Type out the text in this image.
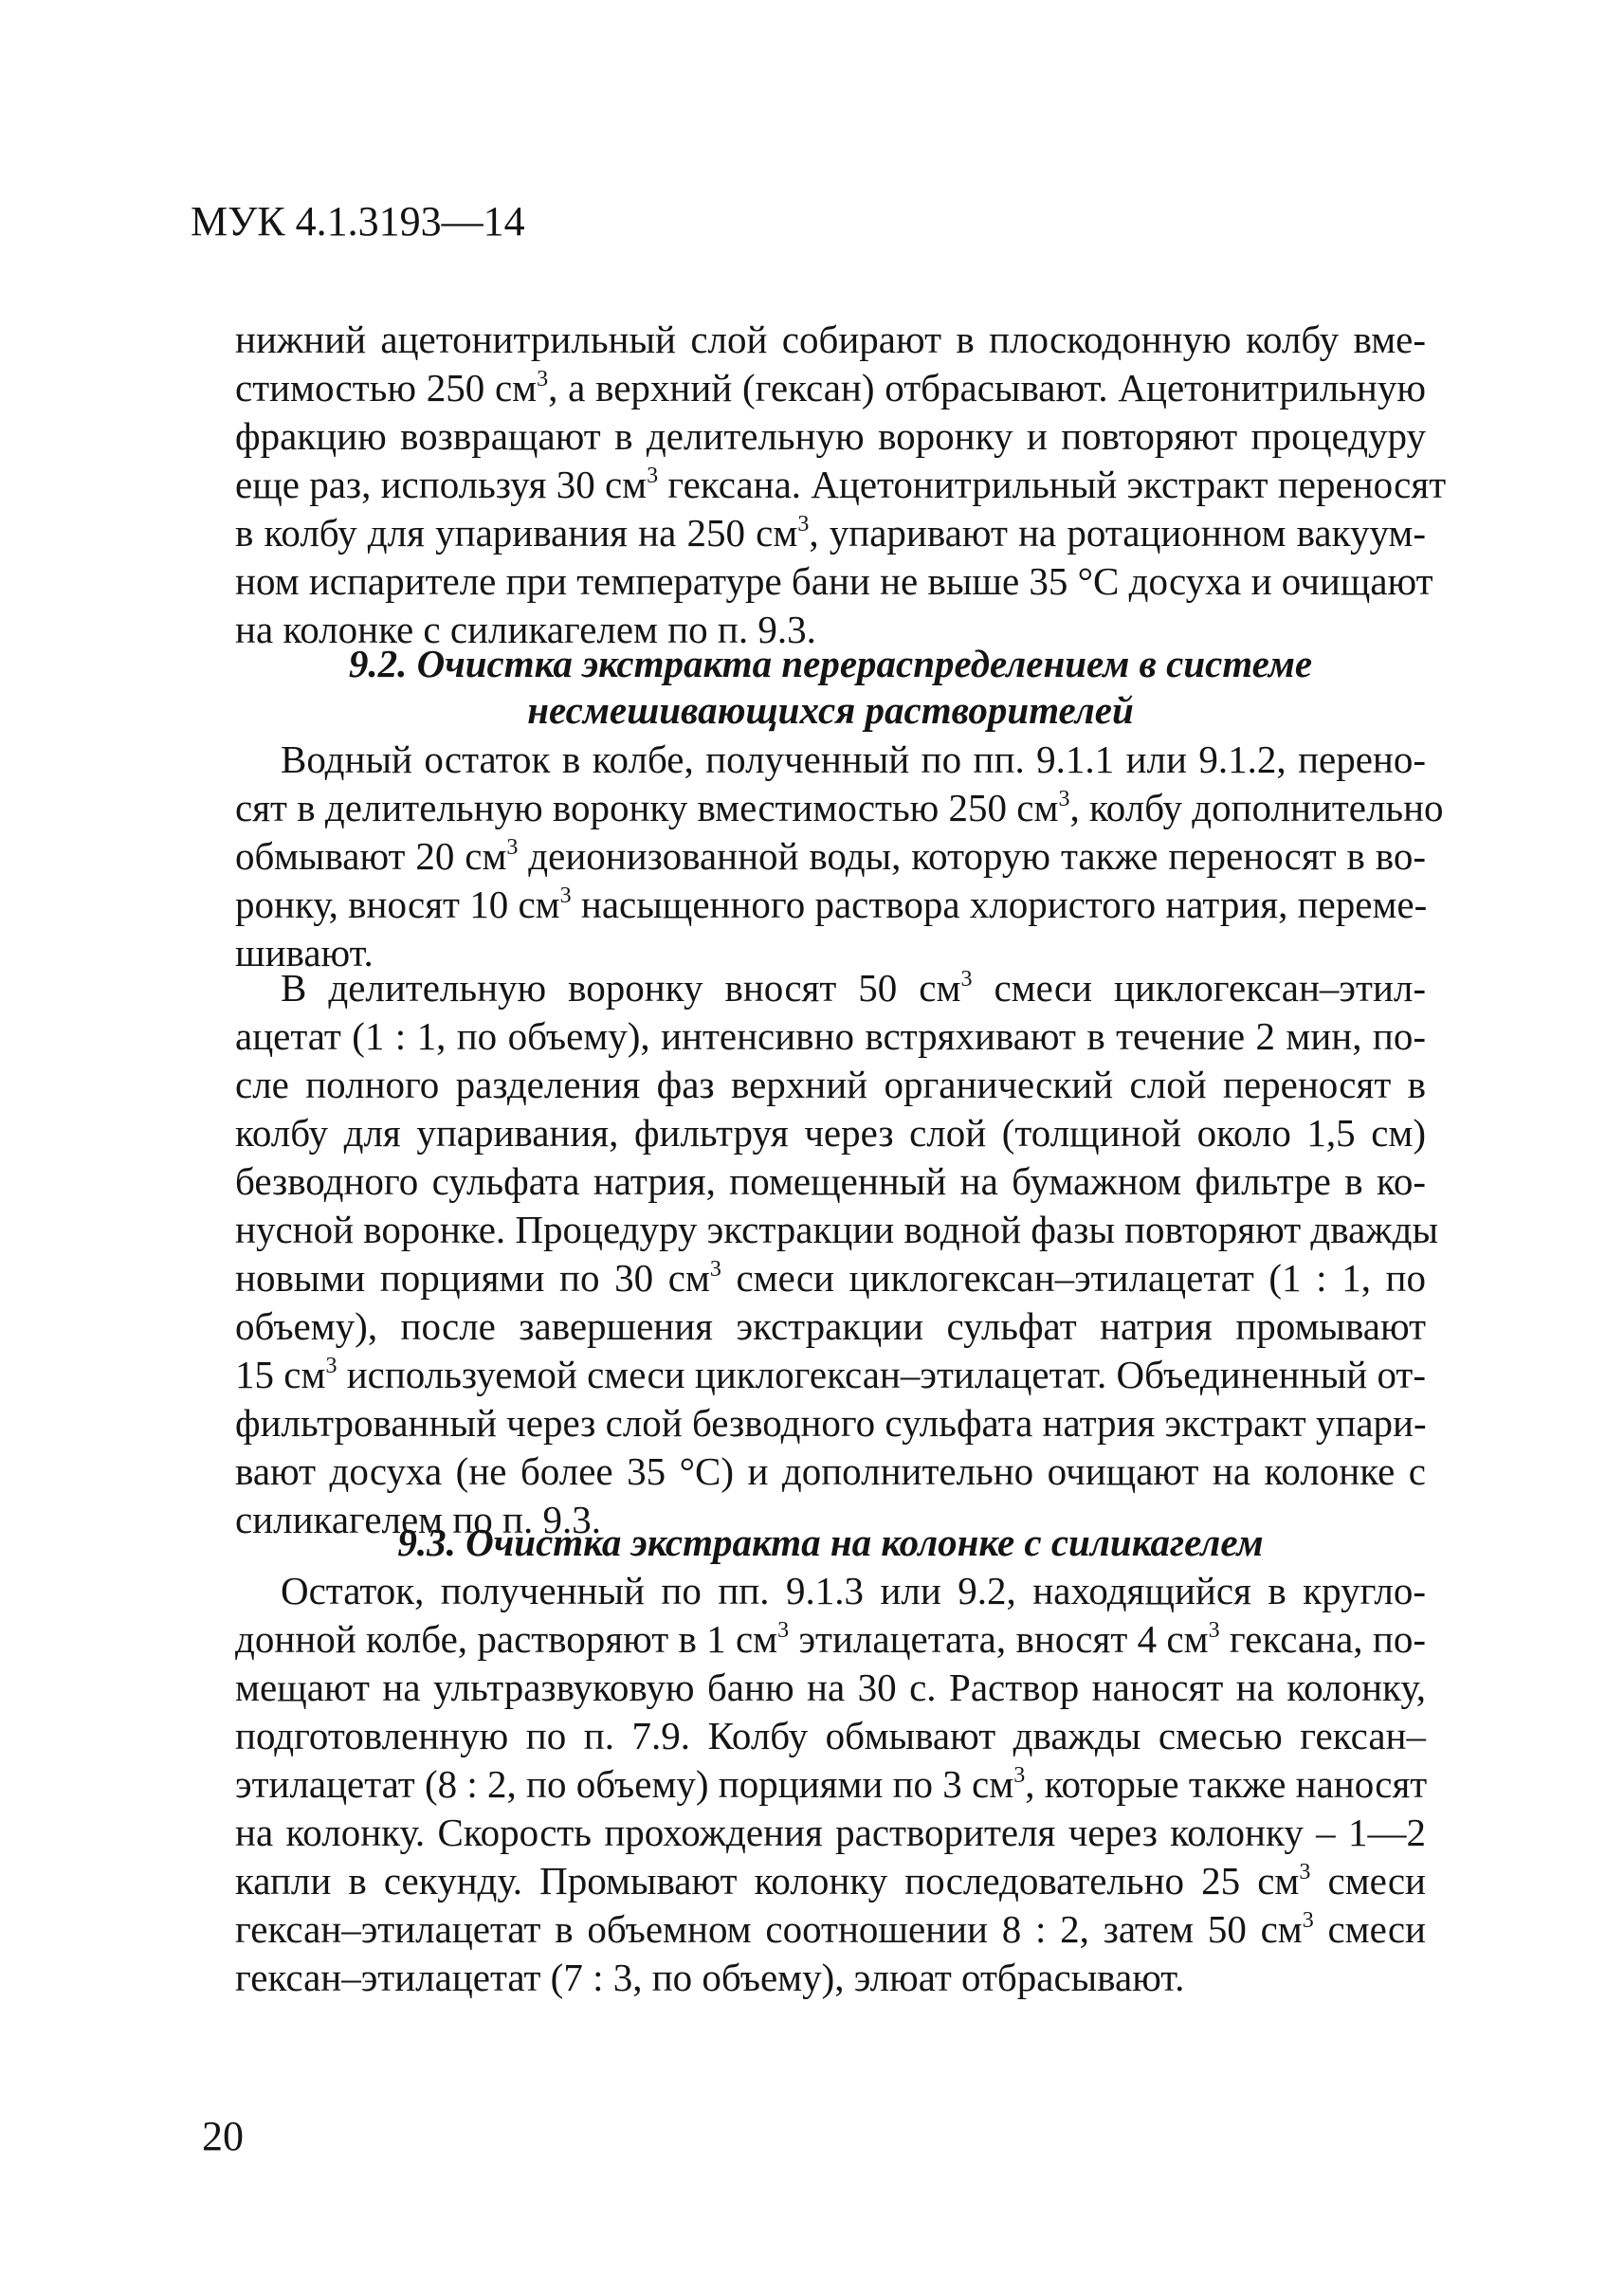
МУК 4.1.3193—14
нижний ацетонитрильный слой собирают в плоскодонную колбу вме-
стимостью 250 $см^3$, а верхний (гексан) отбрасывают. Ацетонитрильную
фракцию возвращают в делительную воронку и повторяют процедуру
еще раз, используя 30 $см^3$ гексана. Ацетонитрильный экстракт переносят
в колбу для упаривания на 250 $см^3$, упаривают на ротационном вакуум-
ном испарителе при температуре бани не выше 35 °С досуха и очищают
на колонке с силикагелем по п. 9.3.
9.2. Очистка экстракта перераспределением в системе
несмешивающихся растворителей
Водный остаток в колбе, полученный по пп. 9.1.1 или 9.1.2, перено-
сят в делительную воронку вместимостью 250 $см^3$, колбу дополнительно
обмывают 20 $см^3$ деионизованной воды, которую также переносят в во-
ронку, вносят 10 $см^3$ насыщенного раствора хлористого натрия, переме-
шивают.
В делительную воронку вносят 50 $см^3$ смеси циклогексан–этил-
ацетат (1 : 1, по объему), интенсивно встряхивают в течение 2 мин, по-
сле полного разделения фаз верхний органический слой переносят в
колбу для упаривания, фильтруя через слой (толщиной около 1,5 см)
безводного сульфата натрия, помещенный на бумажном фильтре в ко-
нусной воронке. Процедуру экстракции водной фазы повторяют дважды
новыми порциями по 30 $см^3$ смеси циклогексан–этилацетат (1 : 1, по
объему), после завершения экстракции сульфат натрия промывают
15 $см^3$ используемой смеси циклогексан–этилацетат. Объединенный от-
фильтрованный через слой безводного сульфата натрия экстракт упари-
вают досуха (не более 35 °С) и дополнительно очищают на колонке с
силикагелем по п. 9.3.
9.3. Очистка экстракта на колонке с силикагелем
Остаток, полученный по пп. 9.1.3 или 9.2, находящийся в кругло-
донной колбе, растворяют в 1 $см^3$ этилацетата, вносят 4 $см^3$ гексана, по-
мещают на ультразвуковую баню на 30 с. Раствор наносят на колонку,
подготовленную по п. 7.9. Колбу обмывают дважды смесью гексан–
этилацетат (8 : 2, по объему) порциями по 3 $см^3$, которые также наносят
на колонку. Скорость прохождения растворителя через колонку – 1—2
капли в секунду. Промывают колонку последовательно 25 $см^3$ смеси
гексан–этилацетат в объемном соотношении 8 : 2, затем 50 $см^3$ смеси
гексан–этилацетат (7 : 3, по объему), элюат отбрасывают.
20
